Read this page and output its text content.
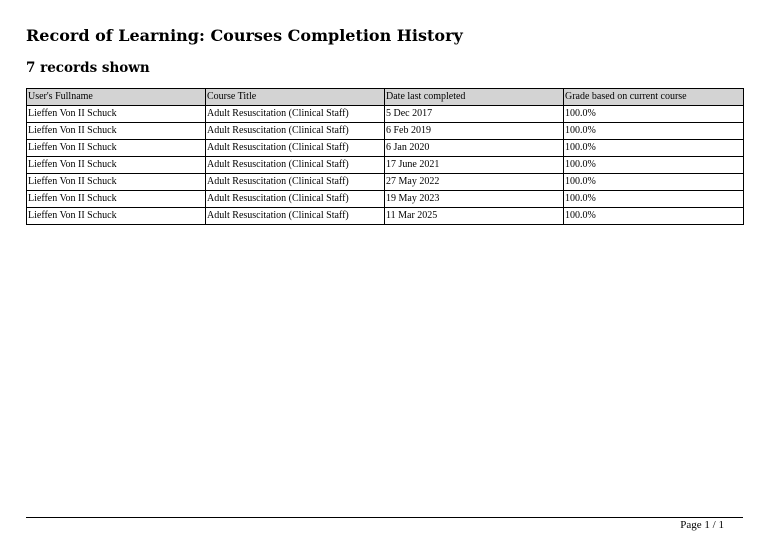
Record of Learning: Courses Completion History
7 records shown
User's Fullname	Course Title	Date last completed	Grade based on current course
Lieffen Von II Schuck	Adult Resuscitation (Clinical Staff)	5 Dec 2017	100.0%
Lieffen Von II Schuck	Adult Resuscitation (Clinical Staff)	6 Feb 2019	100.0%
Lieffen Von II Schuck	Adult Resuscitation (Clinical Staff)	6 Jan 2020	100.0%
Lieffen Von II Schuck	Adult Resuscitation (Clinical Staff)	17 June 2021	100.0%
Lieffen Von II Schuck	Adult Resuscitation (Clinical Staff)	27 May 2022	100.0%
Lieffen Von II Schuck	Adult Resuscitation (Clinical Staff)	19 May 2023	100.0%
Lieffen Von II Schuck	Adult Resuscitation (Clinical Staff)	11 Mar 2025	100.0%
Page 1 / 1
